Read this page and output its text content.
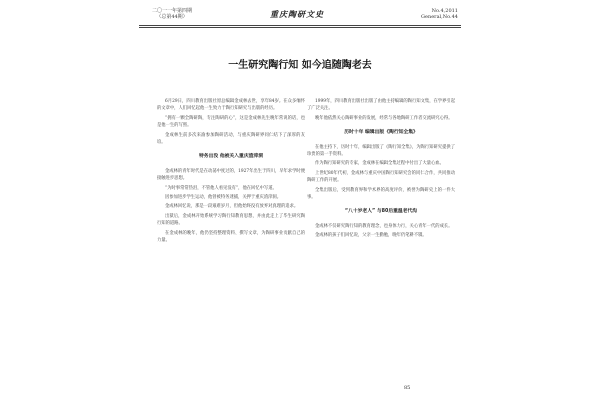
二〇一一年第四期
（总第44期）	重庆陶研文史	No.4,2011
General,No.44
一生研究陶行知 如今追随陶老去

6月29日，四川教育出版社原总编辑金成林去世，享年84岁。在众多缅怀的文章中，人们回忆起他一生致力于陶行知研究与出版的经历。

“拥有一颗全陶研陶，专注陶研的心”，这是金成林先生晚年常说的话，也是他一生的写照。

金成林生前多次来渝参加陶研活动，与重庆陶研界同仁结下了深厚的友谊。

特务出没 他被关入重庆渣滓洞

金成林的青年时代是在动荡中度过的，1927年出生于四川，早年求学时便接触进步思想。

“为时事常常热泪，不管他人看见没有”，他在回忆中写道。

因参加进步学生运动，他曾被特务逮捕，关押于重庆渣滓洞。

金成林回忆说，那是一段艰难岁月，但他始终没有放弃对真理的追求。

出狱后，金成林开始系统学习陶行知教育思想，并由此走上了毕生研究陶行知的道路。

在金成林的晚年，他仍坚持整理资料、撰写文章，为陶研事业贡献自己的力量。

1999年，四川教育出版社出版了由他主持编辑的陶行知文集，在学界引起了广泛关注。

晚年他依然关心陶研事业的发展，经常与各地陶研工作者交流研究心得。

历时十年 编辑出版《陶行知全集》

在他主持下，历时十年，编辑出版了《陶行知全集》，为陶行知研究提供了珍贵的第一手资料。

作为陶行知研究的专家，金成林在编辑全集过程中付出了大量心血。

上世纪80年代初，金成林与重庆中国陶行知研究会的同仁合作，共同推动陶研工作的开展。

全集出版后，受到教育界和学术界的高度评价，被誉为陶研史上的一件大事。

“八十岁老人” 与80后重温老代沟

金成林不仅研究陶行知的教育理念，也身体力行，关心青年一代的成长。

金成林的孩子们回忆说，父亲一生勤勉，晚年仍笔耕不辍。

85
